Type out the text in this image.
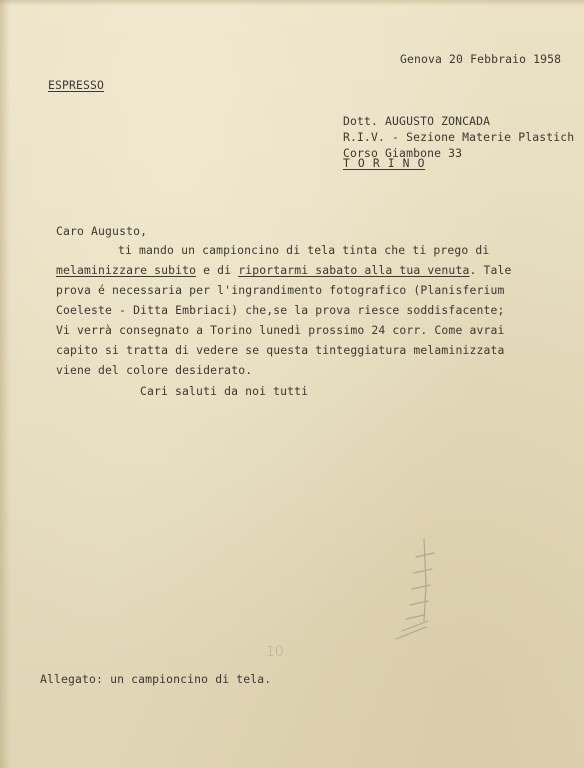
Genova 20 Febbraio 1958
ESPRESSO
Dott. AUGUSTO ZONCADA
R.I.V. - Sezione Materie Plastich
Corso Giambone 33
T O R I N O
Caro Augusto,
ti mando un campioncino di tela tinta che ti prego di
melaminizzare subito e di riportarmi sabato alla tua venuta. Tale
prova é necessaria per l'ingrandimento fotografico (Planisferium
Coeleste - Ditta Embriaci) che,se la prova riesce soddisfacente;
Vi verrà consegnato a Torino lunedì prossimo 24 corr. Come avrai
capito si tratta di vedere se questa tinteggiatura melaminizzata
viene del colore desiderato.
Cari saluti da noi tutti
10
Allegato: un campioncino di tela.
